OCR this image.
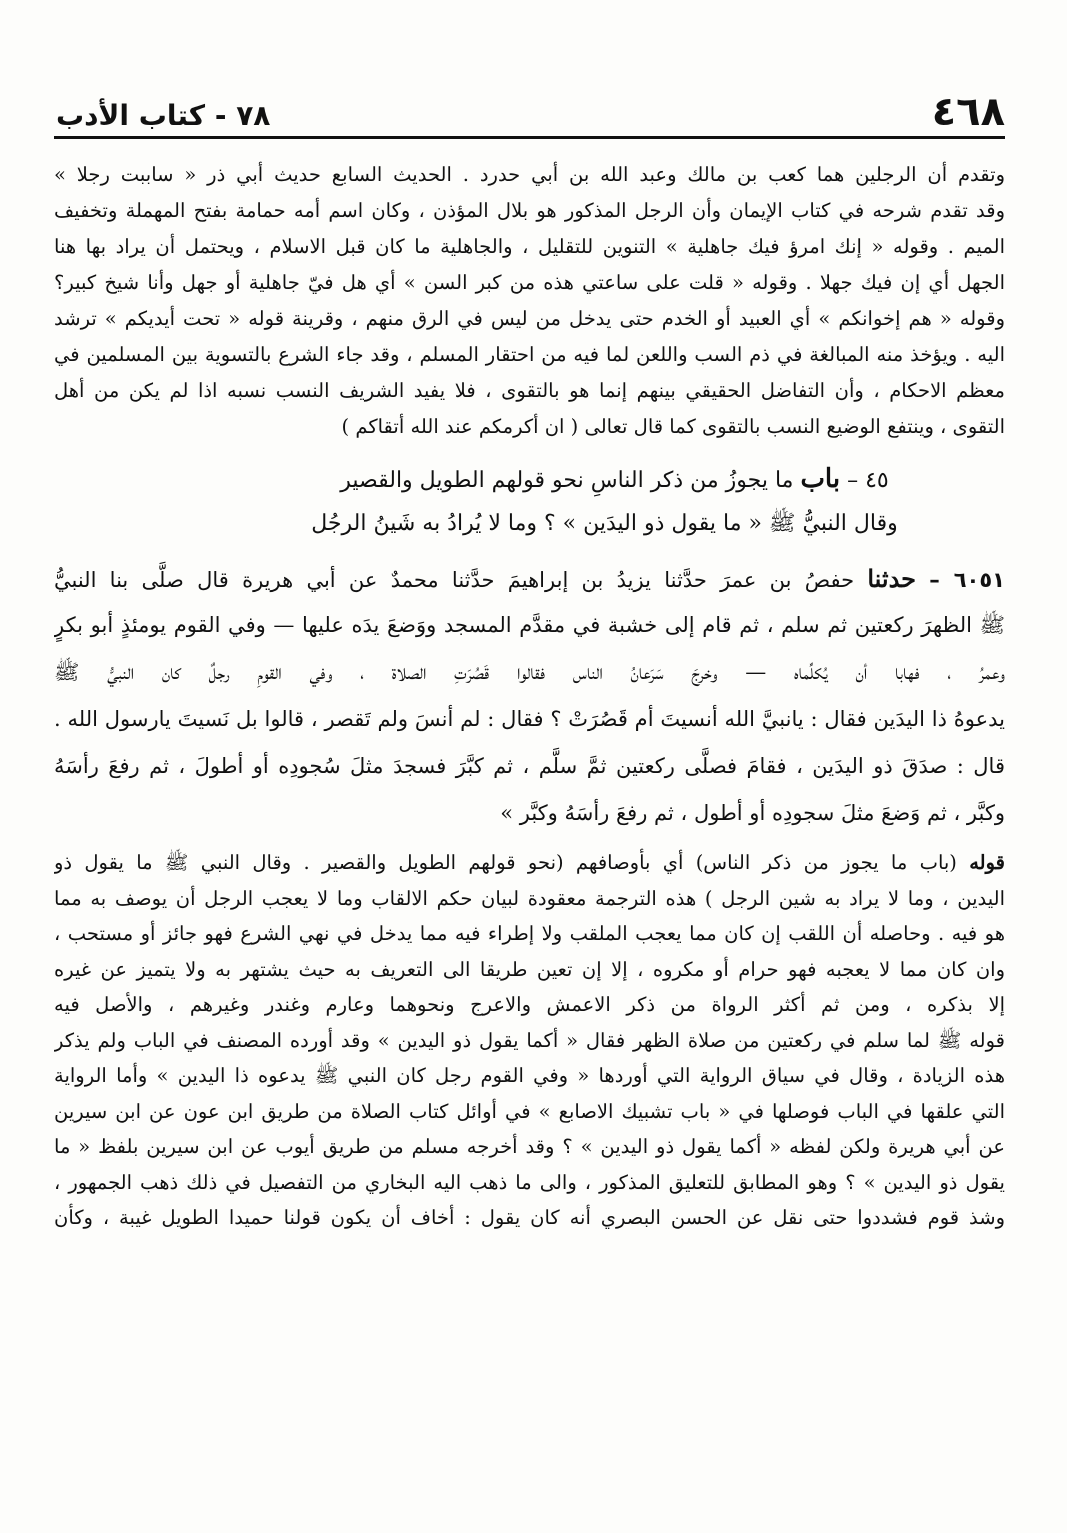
٤٦٨
٧٨ - كتاب الأدب
وتقدم أن الرجلين هما كعب بن مالك وعبد الله بن أبي حدرد . الحديث السابع حديث أبي ذر « ساببت رجلا »
وقد تقدم شرحه في كتاب الإيمان وأن الرجل المذكور هو بلال المؤذن ، وكان اسم أمه حمامة بفتح المهملة وتخفيف
الميم . وقوله « إنك امرؤ فيك جاهلية » التنوين للتقليل ، والجاهلية ما كان قبل الاسلام ، ويحتمل أن يراد بها هنا
الجهل أي إن فيك جهلا . وقوله « قلت على ساعتي هذه من كبر السن » أي هل فيّ جاهلية أو جهل وأنا شيخ كبير؟
وقوله « هم إخوانكم » أي العبيد أو الخدم حتى يدخل من ليس في الرق منهم ، وقرينة قوله « تحت أيديكم » ترشد
اليه . ويؤخذ منه المبالغة في ذم السب واللعن لما فيه من احتقار المسلم ، وقد جاء الشرع بالتسوية بين المسلمين في
معظم الاحكام ، وأن التفاضل الحقيقي بينهم إنما هو بالتقوى ، فلا يفيد الشريف النسب نسبه اذا لم يكن من أهل
التقوى ، وينتفع الوضيع النسب بالتقوى كما قال تعالى ( ان أكرمكم عند الله أتقاكم )
٤٥ – باب ما يجوزُ من ذكر الناسِ نحو قولهم الطويل والقصير
وقال النبيُّ ﷺ « ما يقول ذو اليدَين » ؟ وما لا يُرادُ به شَينُ الرجُل
٦٠٥١ – حدثنا حفصُ بن عمرَ حدَّثنا يزيدُ بن إبراهيمَ حدَّثنا محمدٌ عن أبي هريرة قال صلَّى بنا النبيُّ
ﷺ الظهرَ ركعتين ثم سلم ، ثم قام إلى خشبة في مقدَّم المسجد ووَضعَ يدَه عليها — وفي القوم يومئذٍ أبو بكرٍ
وعمرُ ، فهابا أن يُكلِّماه — وخرجَ سَرَعانُ الناس فقالوا قَصُرَتِ الصلاة ، وفي القومِ رجلٌ كان النبيُّ ﷺ
يدعوهُ ذا اليدَين فقال : يانبيَّ الله أنسيتَ أم قَصُرَتْ ؟ فقال : لم أنسَ ولم تَقصر ، قالوا بل نَسيتَ يارسول الله .
قال : صدَقَ ذو اليدَين ، فقامَ فصلَّى ركعتين ثمَّ سلَّم ، ثم كبَّرَ فسجدَ مثلَ سُجودِه أو أطولَ ، ثم رفعَ رأسَهُ
وكبَّر ، ثم وَضعَ مثلَ سجودِه أو أطول ، ثم رفعَ رأسَهُ وكبَّر »
قوله (باب ما يجوز من ذكر الناس) أي بأوصافهم (نحو قولهم الطويل والقصير . وقال النبي ﷺ ما يقول ذو
اليدين ، وما لا يراد به شين الرجل ) هذه الترجمة معقودة لبيان حكم الالقاب وما لا يعجب الرجل أن يوصف به مما
هو فيه . وحاصله أن اللقب إن كان مما يعجب الملقب ولا إطراء فيه مما يدخل في نهي الشرع فهو جائز أو مستحب ،
وان كان مما لا يعجبه فهو حرام أو مكروه ، إلا إن تعين طريقا الى التعريف به حيث يشتهر به ولا يتميز عن غيره
إلا بذكره ، ومن ثم أكثر الرواة من ذكر الاعمش والاعرج ونحوهما وعارم وغندر وغيرهم ، والأصل فيه
قوله ﷺ لما سلم في ركعتين من صلاة الظهر فقال « أكما يقول ذو اليدين » وقد أورده المصنف في الباب ولم يذكر
هذه الزيادة ، وقال في سياق الرواية التي أوردها « وفي القوم رجل كان النبي ﷺ يدعوه ذا اليدين » وأما الرواية
التي علقها في الباب فوصلها في « باب تشبيك الاصابع » في أوائل كتاب الصلاة من طريق ابن عون عن ابن سيرين
عن أبي هريرة ولكن لفظه « أكما يقول ذو اليدين » ؟ وقد أخرجه مسلم من طريق أيوب عن ابن سيرين بلفظ « ما
يقول ذو اليدين » ؟ وهو المطابق للتعليق المذكور ، والى ما ذهب اليه البخاري من التفصيل في ذلك ذهب الجمهور ،
وشذ قوم فشددوا حتى نقل عن الحسن البصري أنه كان يقول : أخاف أن يكون قولنا حميدا الطويل غيبة ، وكأن
